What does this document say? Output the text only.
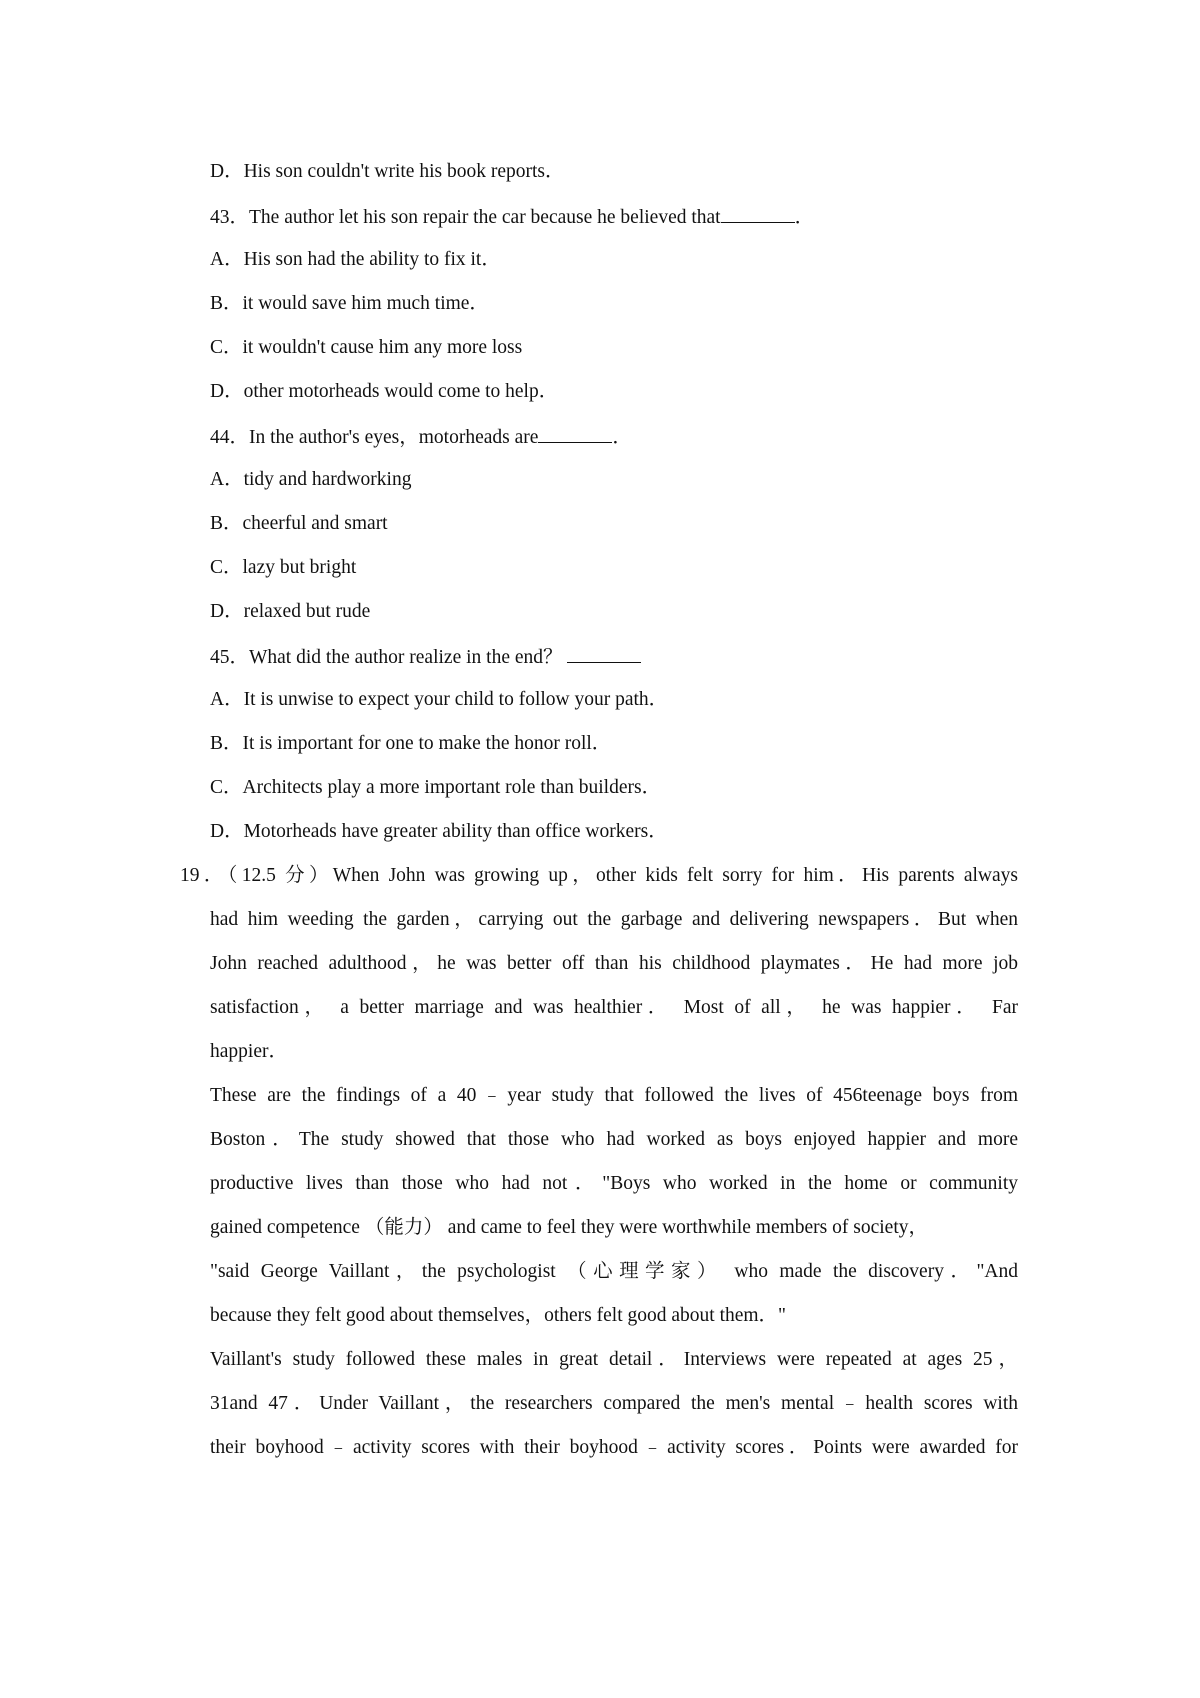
D．His son couldn't write his book reports．
43．The author let his son repair the car because he believed that	．
A．His son had the ability to fix it．
B．it would save him much time．
C．it wouldn't cause him any more loss
D．other motorheads would come to help．
44．In the author's eyes，motorheads are	．
A．tidy and hardworking
B．cheerful and smart
C．lazy but bright
D．relaxed but rude
45．What did the author realize in the end？
A．It is unwise to expect your child to follow your path．
B．It is important for one to make the honor roll．
C．Architects play a more important role than builders．
D．Motorheads have greater ability than office workers．
19．（12.5 分）When John was growing up，other kids felt sorry for him．His parents always
had him weeding the garden，carrying out the garbage and delivering newspapers．But when
John reached adulthood，he was better off than his childhood playmates．He had more job
satisfaction， a better marriage and was healthier． Most of all， he was happier． Far
happier．
These are the findings of a 40﹣year study that followed the lives of 456teenage boys from
Boston．The study showed that those who had worked as boys enjoyed happier and more
productive lives than those who had not．"Boys who worked in the home or community
gained competence （能力） and came to feel they were worthwhile members of society，
"said George Vaillant，the psychologist （心理学家） who made the discovery．"And
because they felt good about themselves，others felt good about them．"
Vaillant's study followed these males in great detail．Interviews were repeated at ages 25，
31and 47．Under Vaillant，the researchers compared the men's mental﹣health scores with
their boyhood﹣activity scores with their boyhood﹣activity scores．Points were awarded for
